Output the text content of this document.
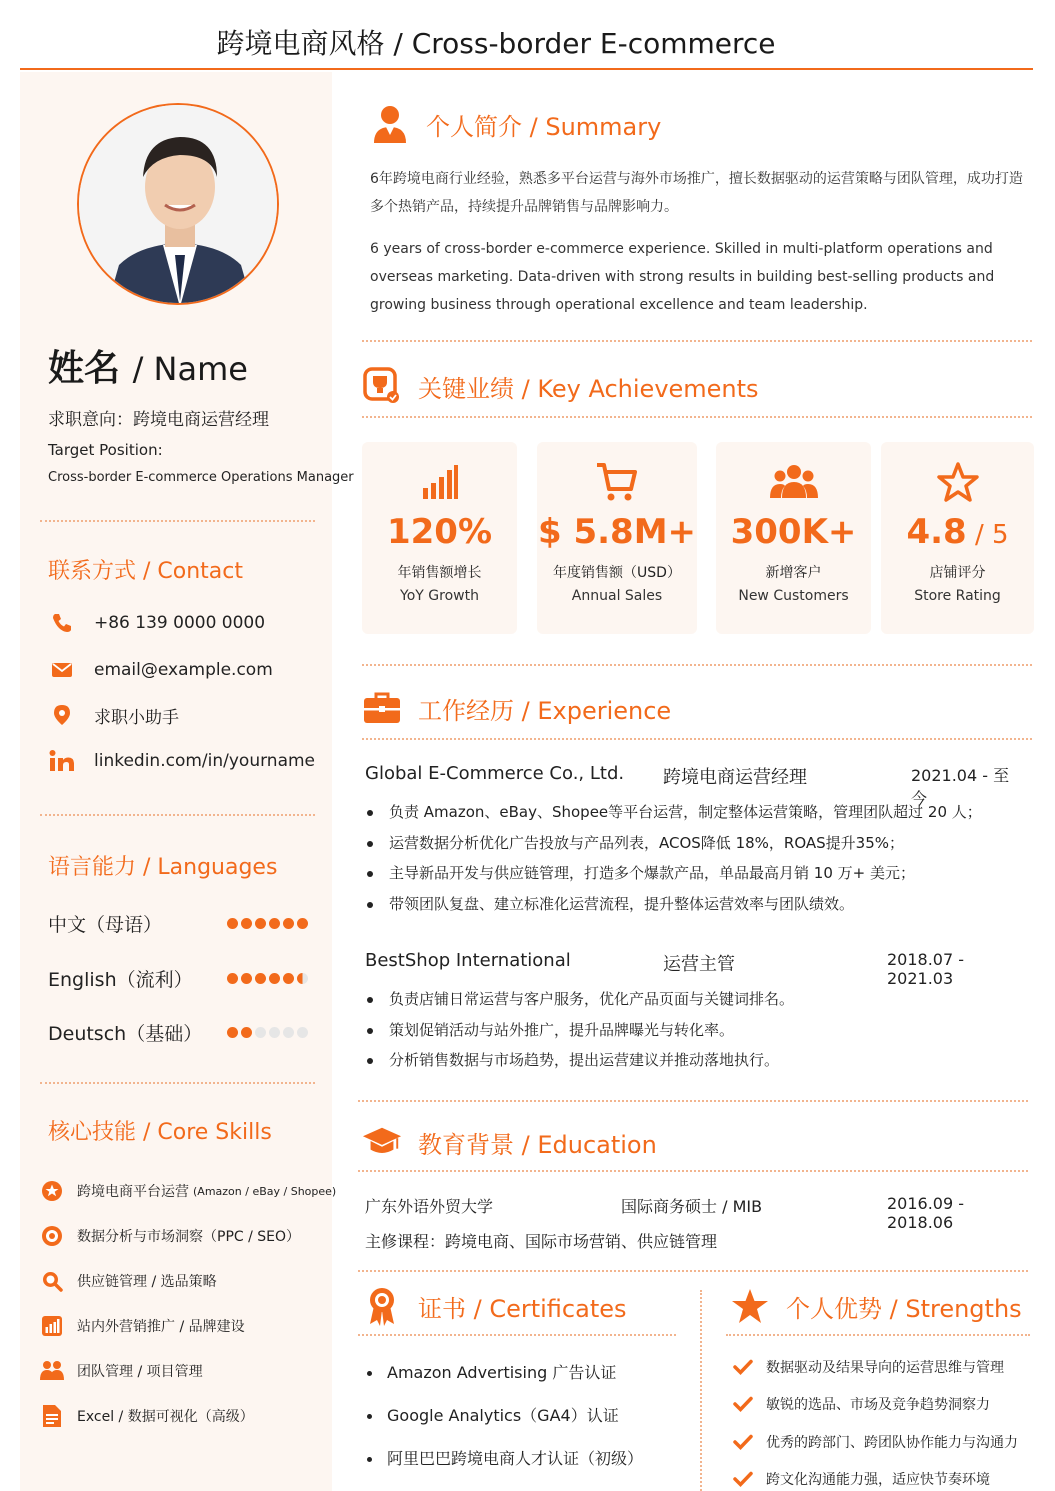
跨境电商风格 / Cross-border E-commerce
姓名 / Name
求职意向：跨境电商运营经理
Target Position:
Cross-border E-commerce Operations Manager
联系方式 / Contact
+86 139 0000 0000
email@example.com
求职小助手
linkedin.com/in/yourname
语言能力 / Languages
中文（母语）
English（流利）
Deutsch（基础）
核心技能 / Core Skills
跨境电商平台运营 (Amazon / eBay / Shopee)
数据分析与市场洞察（PPC / SEO）
供应链管理 / 选品策略
站内外营销推广 / 品牌建设
团队管理 / 项目管理
Excel / 数据可视化（高级）
个人简介 / Summary
6年跨境电商行业经验，熟悉多平台运营与海外市场推广，擅长数据驱动的运营策略与团队管理，成功打造多个热销产品，持续提升品牌销售与品牌影响力。
6 years of cross-border e-commerce experience. Skilled in multi-platform operations and overseas marketing. Data-driven with strong results in building best-selling products and growing business through operational excellence and team leadership.
关键业绩 / Key Achievements
120%
年销售额增长
YoY Growth
$ 5.8M+
年度销售额（USD）
Annual Sales
300K+
新增客户
New Customers
4.8 / 5
店铺评分
Store Rating
工作经历 / Experience
Global E-Commerce Co., Ltd. 跨境电商运营经理	2021.04 - 至今
负责 Amazon、eBay、Shopee等平台运营，制定整体运营策略，管理团队超过 20 人；
运营数据分析优化广告投放与产品列表，ACOS降低 18%，ROAS提升35%；
主导新品开发与供应链管理，打造多个爆款产品，单品最高月销 10 万+ 美元；
带领团队复盘、建立标准化运营流程，提升整体运营效率与团队绩效。
BestShop International	运营主管	2018.07 - 2021.03
负责店铺日常运营与客户服务，优化产品页面与关键词排名。
策划促销活动与站外推广，提升品牌曝光与转化率。
分析销售数据与市场趋势，提出运营建议并推动落地执行。
教育背景 / Education
广东外语外贸大学	国际商务硕士 / MIB	2016.09 - 2018.06
主修课程：跨境电商、国际市场营销、供应链管理
证书 / Certificates
Amazon Advertising 广告认证
Google Analytics（GA4）认证
阿里巴巴跨境电商人才认证（初级）
个人优势 / Strengths
数据驱动及结果导向的运营思维与管理
敏锐的选品、市场及竞争趋势洞察力
优秀的跨部门、跨团队协作能力与沟通力
跨文化沟通能力强，适应快节奏环境
